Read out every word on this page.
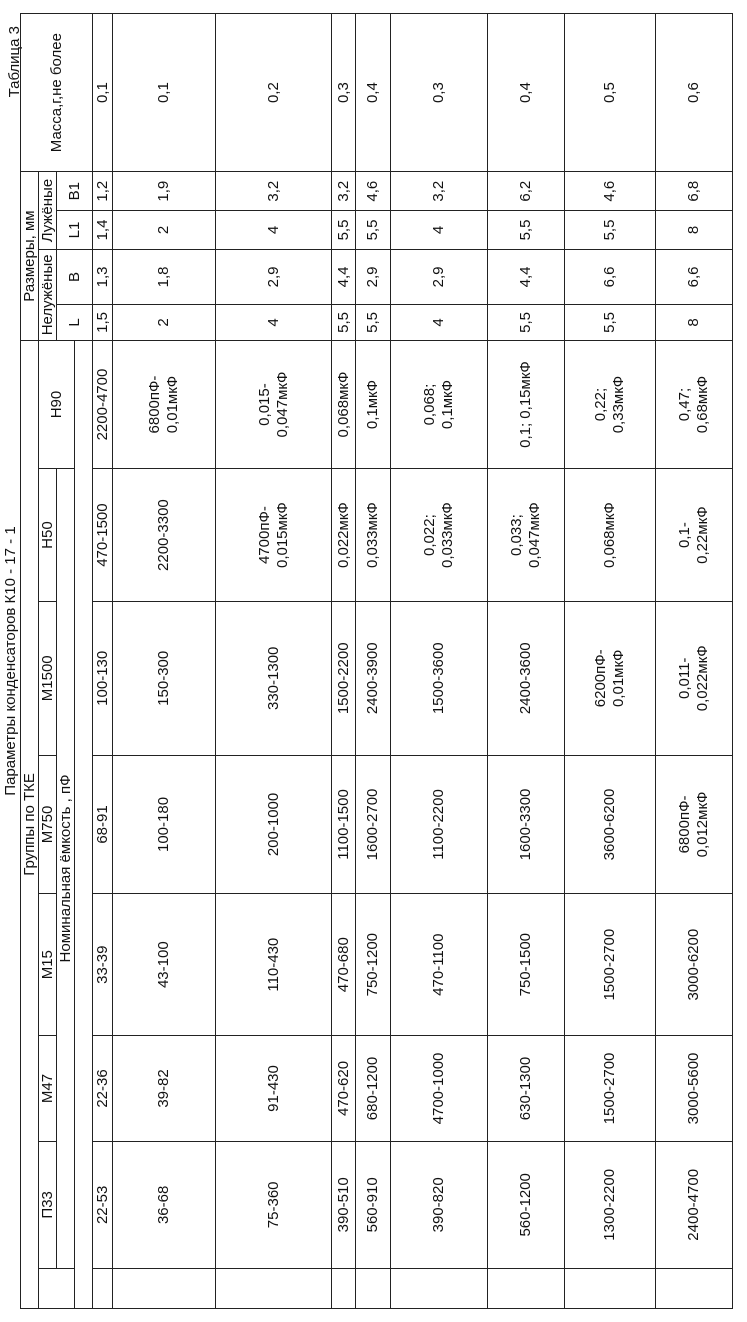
Параметры конденсаторов К10 - 17 - 1
Таблица 3
Группы по ТКЕ								Размеры, мм				Масса,г,не более
	П33	М47	М15	М750	М1500	Н50	Н90	Нелужёные		Лужёные		
	Номинальная ёмкость , пФ							L	B	L1	B1	

	22-53	22-36	33-39	68-91	100-130	470-1500	2200-4700	1,5	1,3	1,4	1,2	0,1
	36-68	39-82	43-100	100-180	150-300	2200-3300	6800пФ-
0,01мкФ	2	1,8	2	1,9	0,1
	75-360	91-430	110-430	200-1000	330-1300	4700пФ-
0,015мкФ	0,015-
0,047мкФ	4	2,9	4	3,2	0,2
	390-510	470-620	470-680	1100-1500	1500-2200	0,022мкФ	0,068мкФ	5,5	4,4	5,5	3,2	0,3
	560-910	680-1200	750-1200	1600-2700	2400-3900	0,033мкФ	0,1мкФ	5,5	2,9	5,5	4,6	0,4
	390-820	4700-1000	470-1100	1100-2200	1500-3600	0,022;
0,033мкФ	0,068;
0,1мкФ	4	2,9	4	3,2	0,3
	560-1200	630-1300	750-1500	1600-3300	2400-3600	0,033;
0,047мкФ	0,1; 0,15мкФ	5,5	4,4	5,5	6,2	0,4
	1300-2200	1500-2700	1500-2700	3600-6200	6200пФ-
0,01мкФ	0,068мкФ	0,22;
0,33мкФ	5,5	6,6	5,5	4,6	0,5
	2400-4700	3000-5600	3000-6200	6800пФ-
0,012мкФ	0,011-
0,022мкФ	0,1-
0,22мкФ	0,47;
0,68мкФ	8	6,6	8	6,8	0,6
